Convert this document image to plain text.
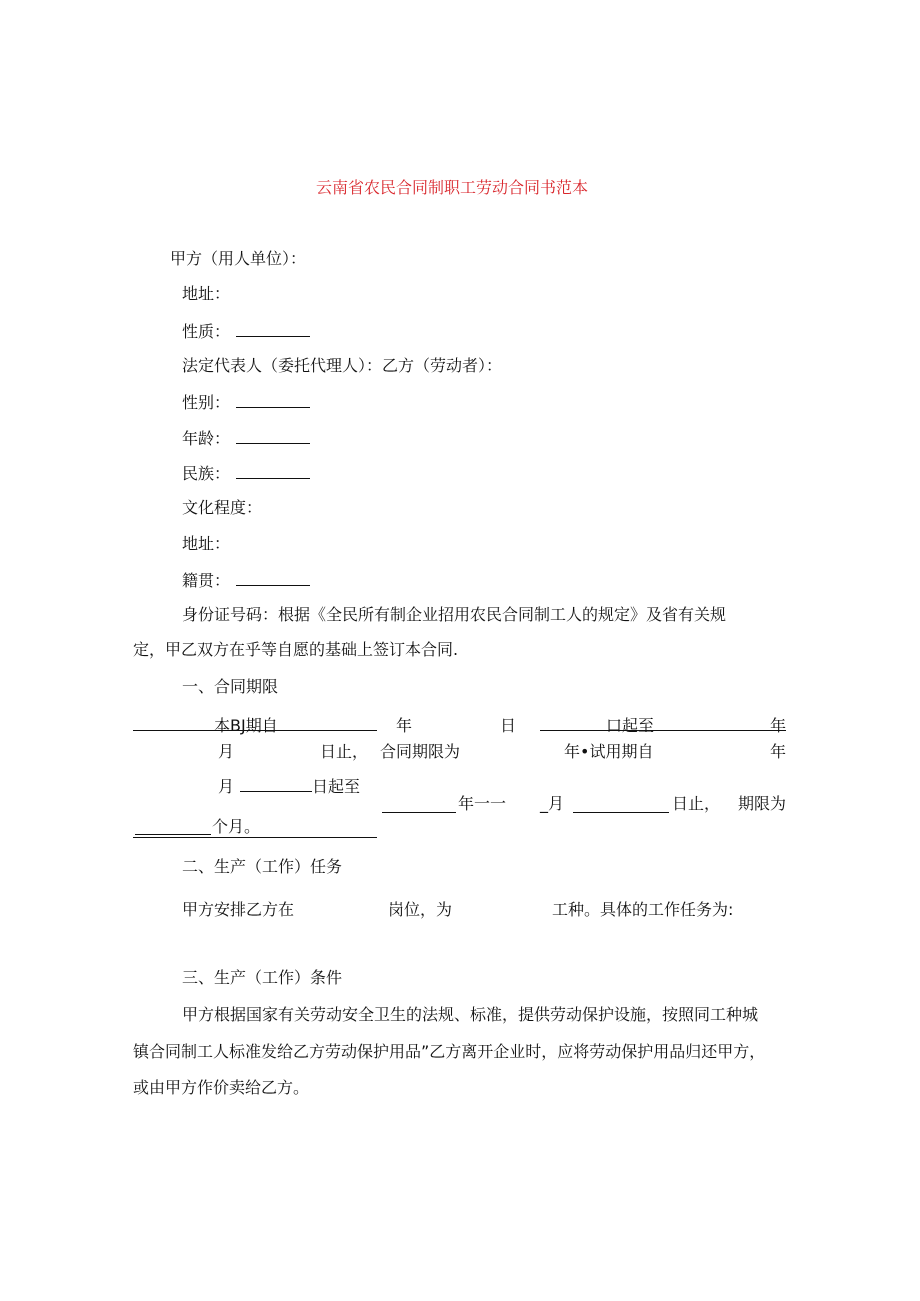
云南省农民合同制职工劳动合同书范本
甲方（用人单位）：
地址：
性质：
法定代表人（委托代理人）：乙方（劳动者）：
性别：
年龄：
民族：
文化程度：
地址：
籍贯：
身份证号码：根据《全民所有制企业招用农民合同制工人的规定》及省有关规
定，甲乙双方在乎等自愿的基础上签订本合同.
一、合同期限
本BJ期自	年	日	口起至	年
月	日止， 合同期限为	年•试用期自	年
月	日起至
年一一 _月	日止， 期限为
个月。
二、生产（工作）任务
甲方安排乙方在	岗位，为	工种。具体的工作任务为:
三、生产（工作）条件
甲方根据国家有关劳动安全卫生的法规、标准，提供劳动保护设施，按照同工种城
镇合同制工人标准发给乙方劳动保护用品”乙方离开企业时，应将劳动保护用品归还甲方，
或由甲方作价卖给乙方。
